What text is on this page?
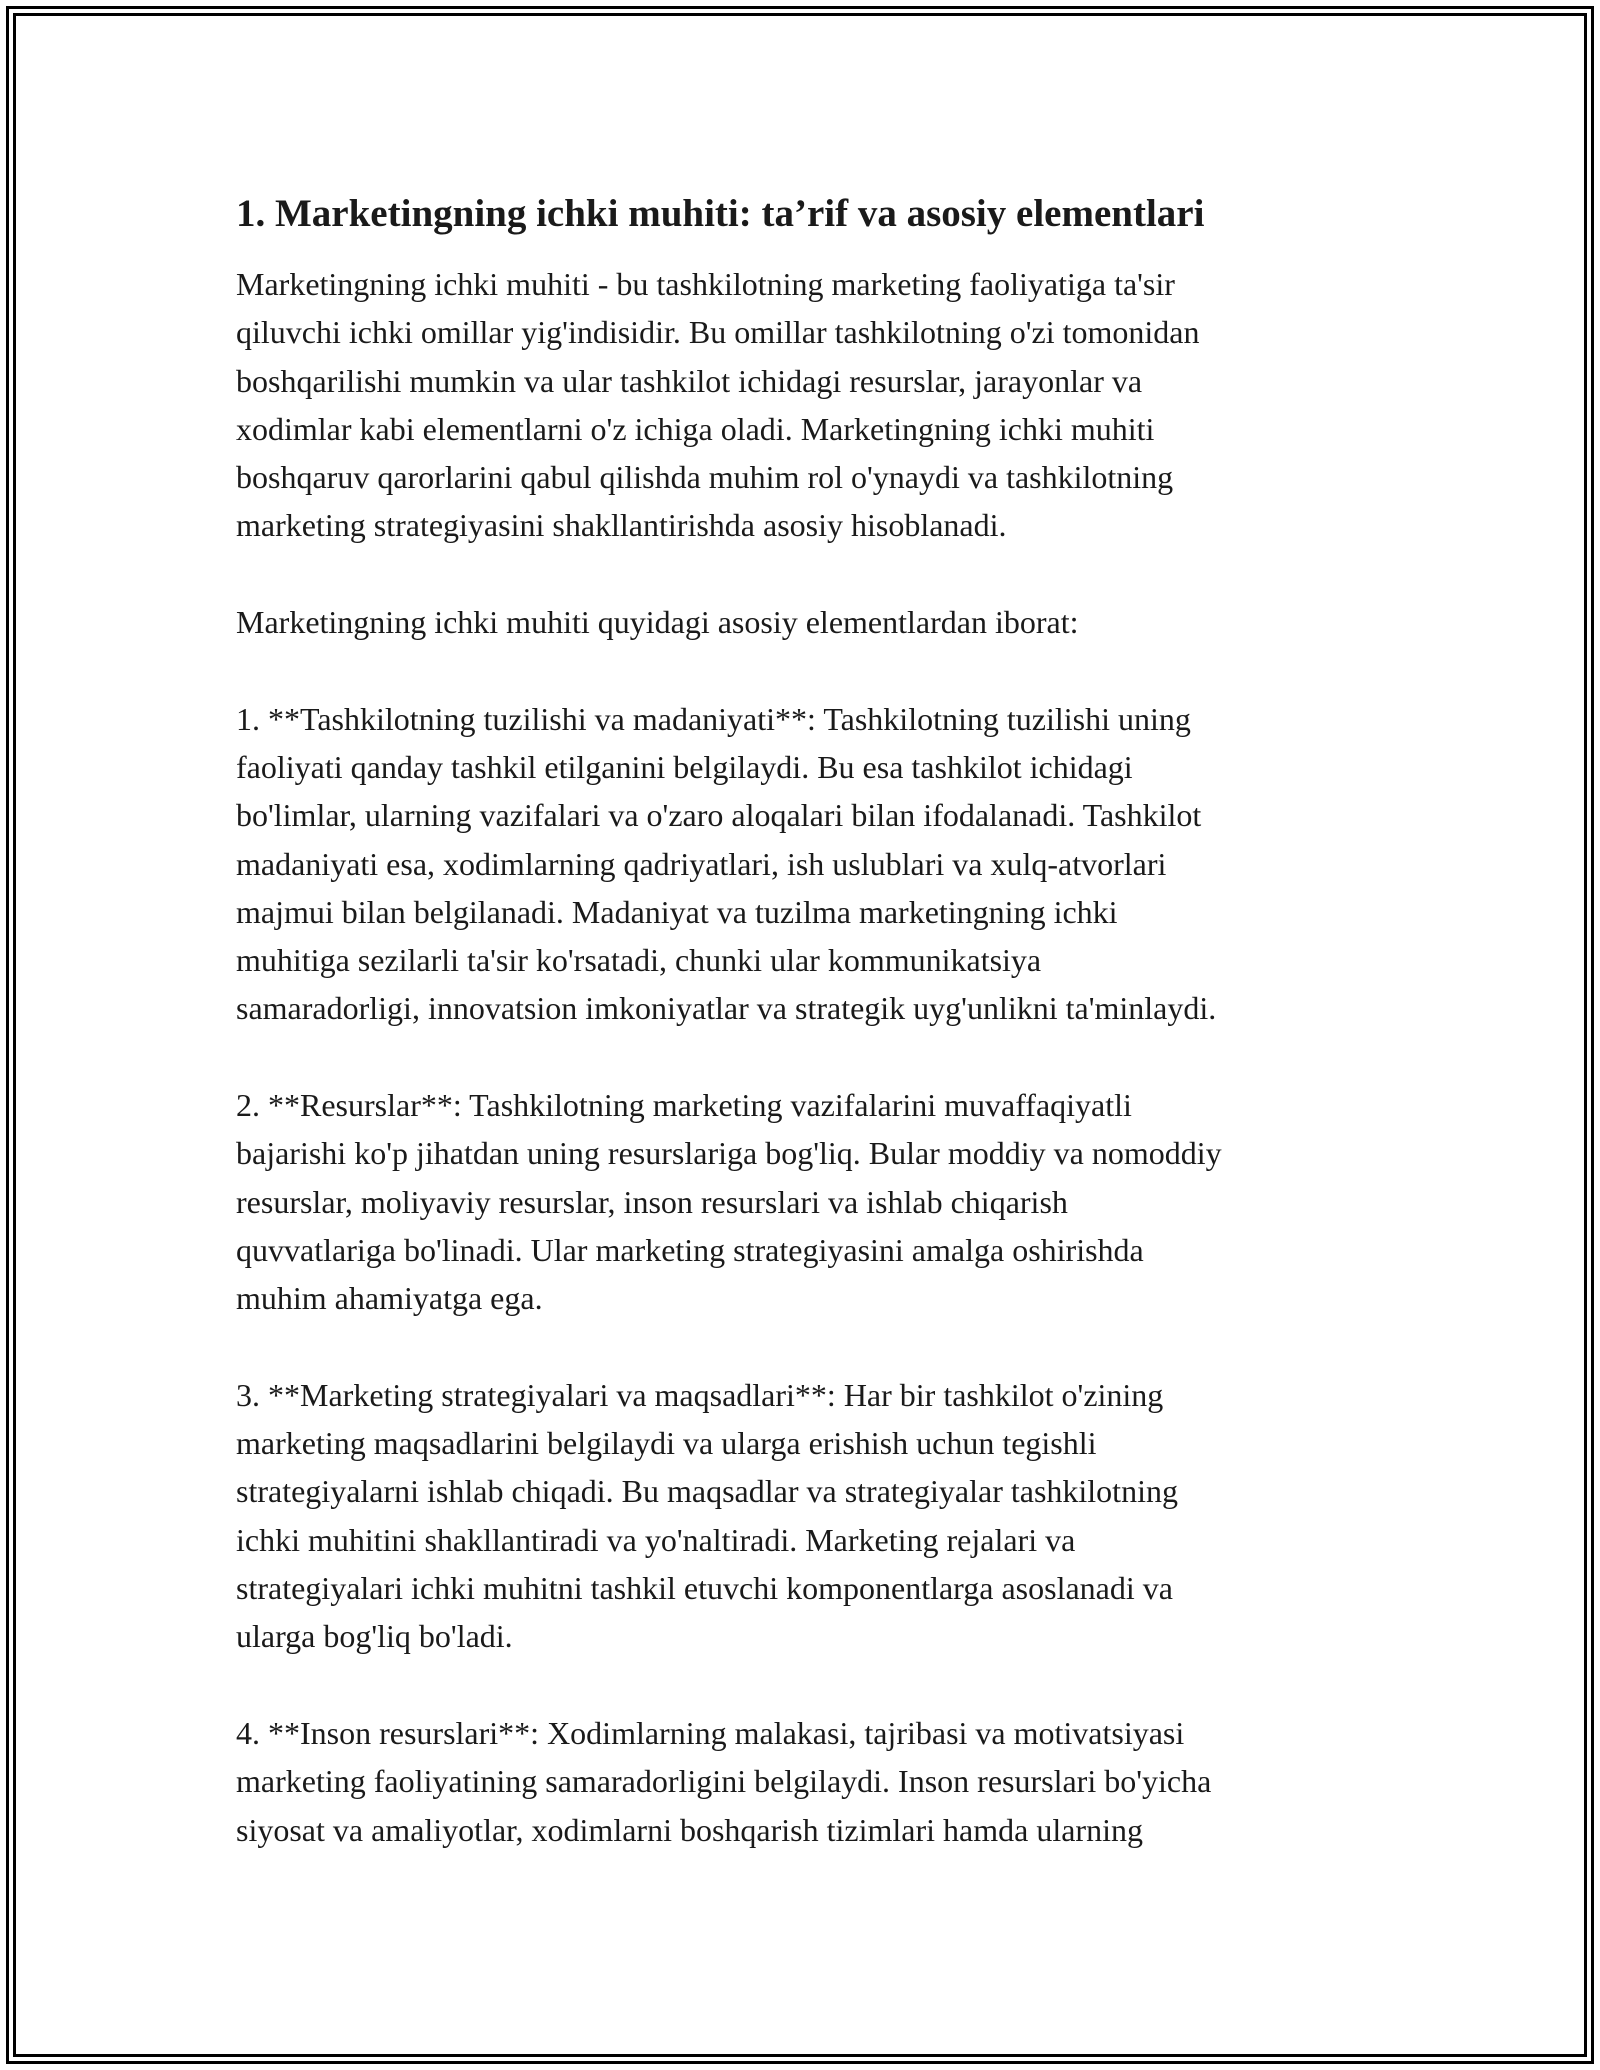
1. Marketingning ichki muhiti: ta’rif va asosiy elementlari

Marketingning ichki muhiti - bu tashkilotning marketing faoliyatiga ta'sir
qiluvchi ichki omillar yig'indisidir. Bu omillar tashkilotning o'zi tomonidan
boshqarilishi mumkin va ular tashkilot ichidagi resurslar, jarayonlar va
xodimlar kabi elementlarni o'z ichiga oladi. Marketingning ichki muhiti
boshqaruv qarorlarini qabul qilishda muhim rol o'ynaydi va tashkilotning
marketing strategiyasini shakllantirishda asosiy hisoblanadi.

Marketingning ichki muhiti quyidagi asosiy elementlardan iborat:

1. **Tashkilotning tuzilishi va madaniyati**: Tashkilotning tuzilishi uning
faoliyati qanday tashkil etilganini belgilaydi. Bu esa tashkilot ichidagi
bo'limlar, ularning vazifalari va o'zaro aloqalari bilan ifodalanadi. Tashkilot
madaniyati esa, xodimlarning qadriyatlari, ish uslublari va xulq-atvorlari
majmui bilan belgilanadi. Madaniyat va tuzilma marketingning ichki
muhitiga sezilarli ta'sir ko'rsatadi, chunki ular kommunikatsiya
samaradorligi, innovatsion imkoniyatlar va strategik uyg'unlikni ta'minlaydi.

2. **Resurslar**: Tashkilotning marketing vazifalarini muvaffaqiyatli
bajarishi ko'p jihatdan uning resurslariga bog'liq. Bular moddiy va nomoddiy
resurslar, moliyaviy resurslar, inson resurslari va ishlab chiqarish
quvvatlariga bo'linadi. Ular marketing strategiyasini amalga oshirishda
muhim ahamiyatga ega.

3. **Marketing strategiyalari va maqsadlari**: Har bir tashkilot o'zining
marketing maqsadlarini belgilaydi va ularga erishish uchun tegishli
strategiyalarni ishlab chiqadi. Bu maqsadlar va strategiyalar tashkilotning
ichki muhitini shakllantiradi va yo'naltiradi. Marketing rejalari va
strategiyalari ichki muhitni tashkil etuvchi komponentlarga asoslanadi va
ularga bog'liq bo'ladi.

4. **Inson resurslari**: Xodimlarning malakasi, tajribasi va motivatsiyasi
marketing faoliyatining samaradorligini belgilaydi. Inson resurslari bo'yicha
siyosat va amaliyotlar, xodimlarni boshqarish tizimlari hamda ularning
